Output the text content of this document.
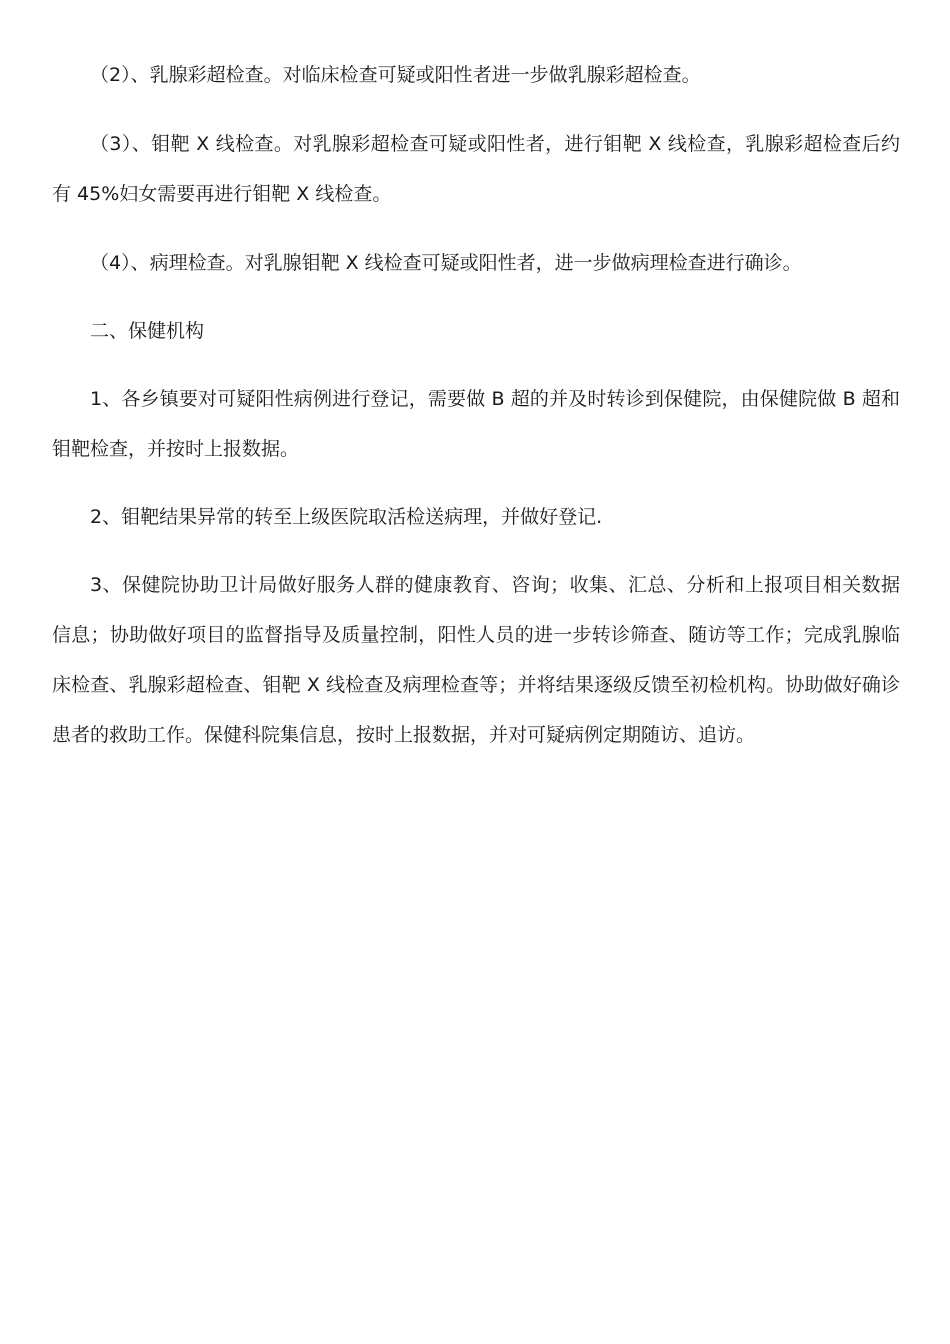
（2）、乳腺彩超检查。对临床检查可疑或阳性者进一步做乳腺彩超检查。

（3）、钼靶 X 线检查。对乳腺彩超检查可疑或阳性者，进行钼靶 X 线检查，乳腺彩超检查后约有 45%妇女需要再进行钼靶 X 线检查。

（4）、病理检查。对乳腺钼靶 X 线检查可疑或阳性者，进一步做病理检查进行确诊。

二、保健机构

1、各乡镇要对可疑阳性病例进行登记，需要做 B 超的并及时转诊到保健院，由保健院做 B 超和钼靶检查，并按时上报数据。

2、钼靶结果异常的转至上级医院取活检送病理，并做好登记.

3、保健院协助卫计局做好服务人群的健康教育、咨询；收集、汇总、分析和上报项目相关数据信息；协助做好项目的监督指导及质量控制，阳性人员的进一步转诊筛查、随访等工作；完成乳腺临床检查、乳腺彩超检查、钼靶 X 线检查及病理检查等；并将结果逐级反馈至初检机构。协助做好确诊患者的救助工作。保健科院集信息，按时上报数据，并对可疑病例定期随访、追访。
